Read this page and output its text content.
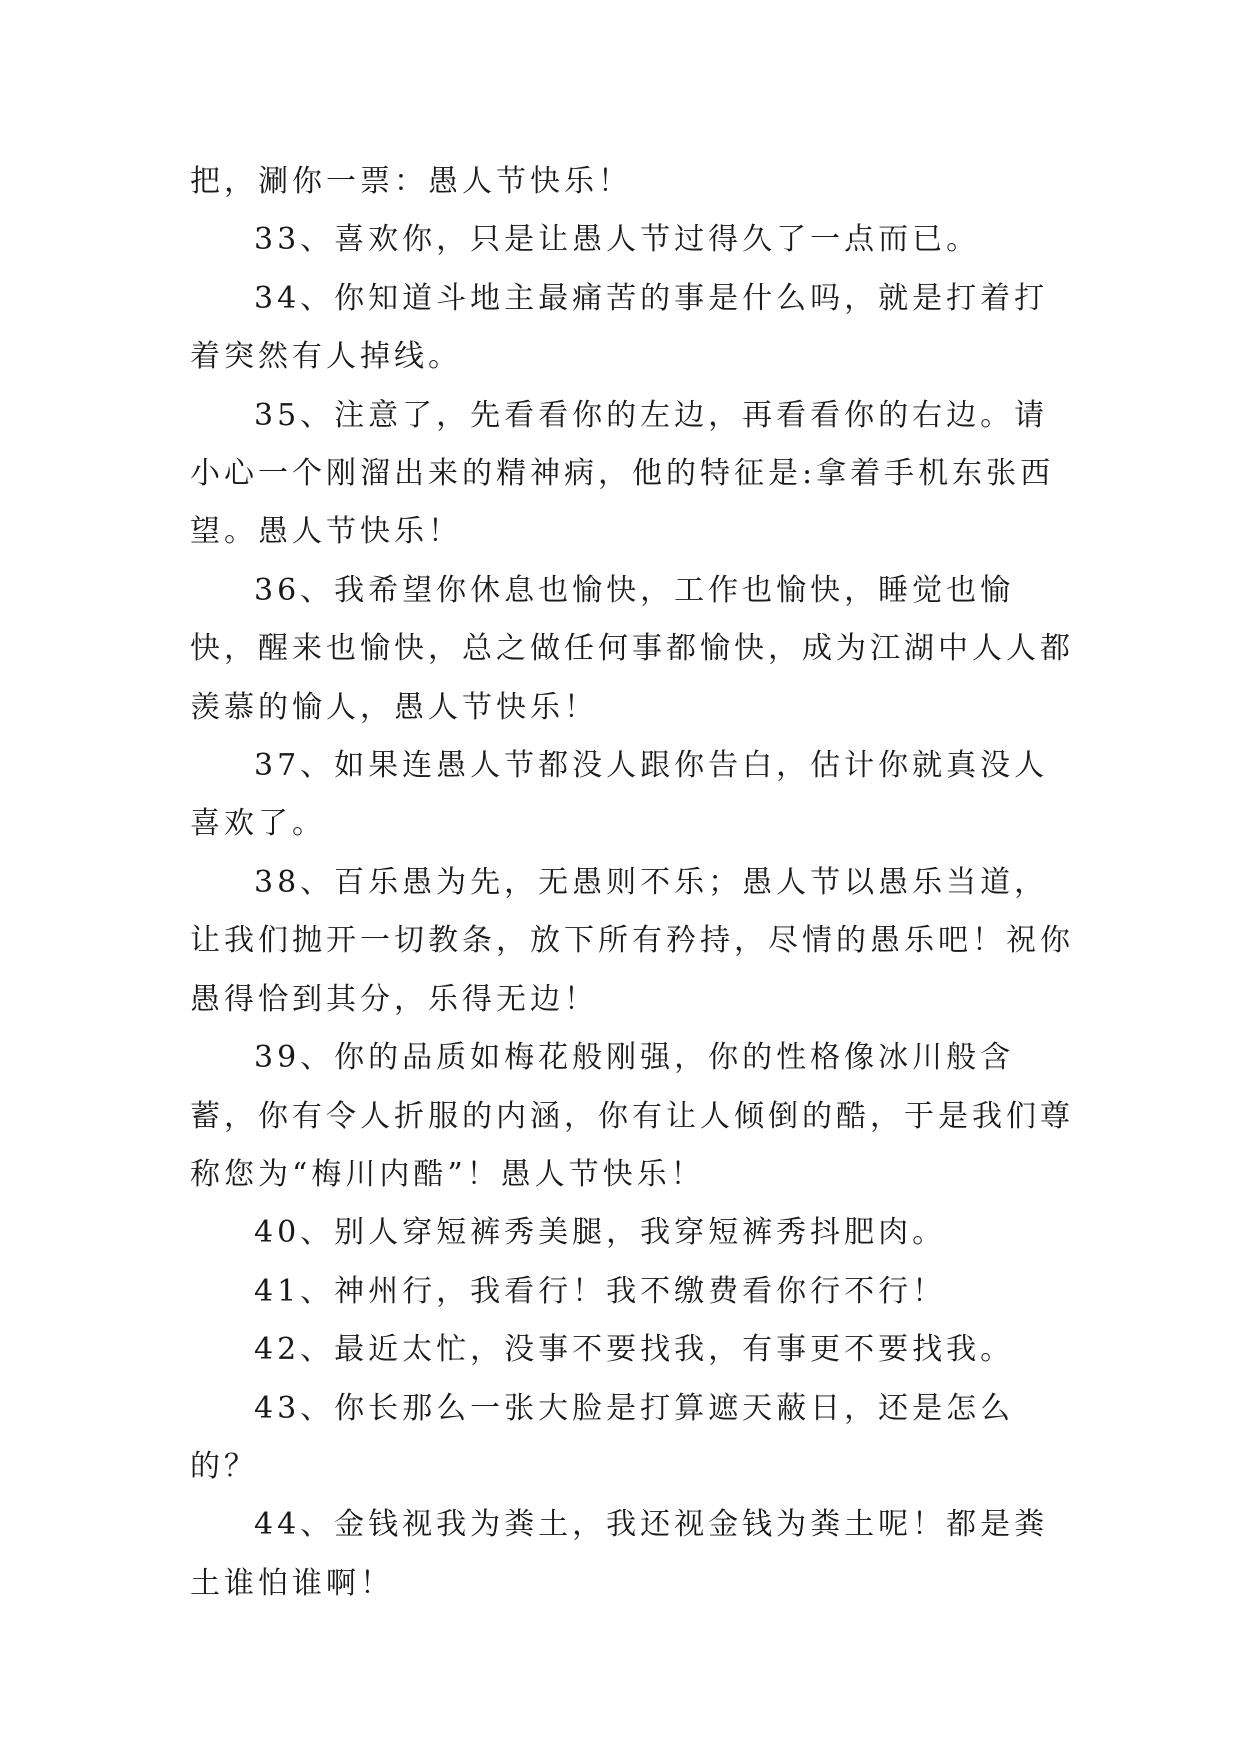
把，涮你一票：愚人节快乐！

33、喜欢你，只是让愚人节过得久了一点而已。

34、你知道斗地主最痛苦的事是什么吗，就是打着打着突然有人掉线。

35、注意了，先看看你的左边，再看看你的右边。请小心一个刚溜出来的精神病，他的特征是:拿着手机东张西望。愚人节快乐！

36、我希望你休息也愉快，工作也愉快，睡觉也愉快，醒来也愉快，总之做任何事都愉快，成为江湖中人人都羡慕的愉人，愚人节快乐！

37、如果连愚人节都没人跟你告白，估计你就真没人喜欢了。

38、百乐愚为先，无愚则不乐；愚人节以愚乐当道，让我们抛开一切教条，放下所有矜持，尽情的愚乐吧！祝你愚得恰到其分，乐得无边！

39、你的品质如梅花般刚强，你的性格像冰川般含蓄，你有令人折服的内涵，你有让人倾倒的酷，于是我们尊称您为“梅川内酷”！愚人节快乐！

40、别人穿短裤秀美腿，我穿短裤秀抖肥肉。

41、神州行，我看行！我不缴费看你行不行！

42、最近太忙，没事不要找我，有事更不要找我。

43、你长那么一张大脸是打算遮天蔽日，还是怎么的？

44、金钱视我为粪土，我还视金钱为粪土呢！都是粪土谁怕谁啊！
